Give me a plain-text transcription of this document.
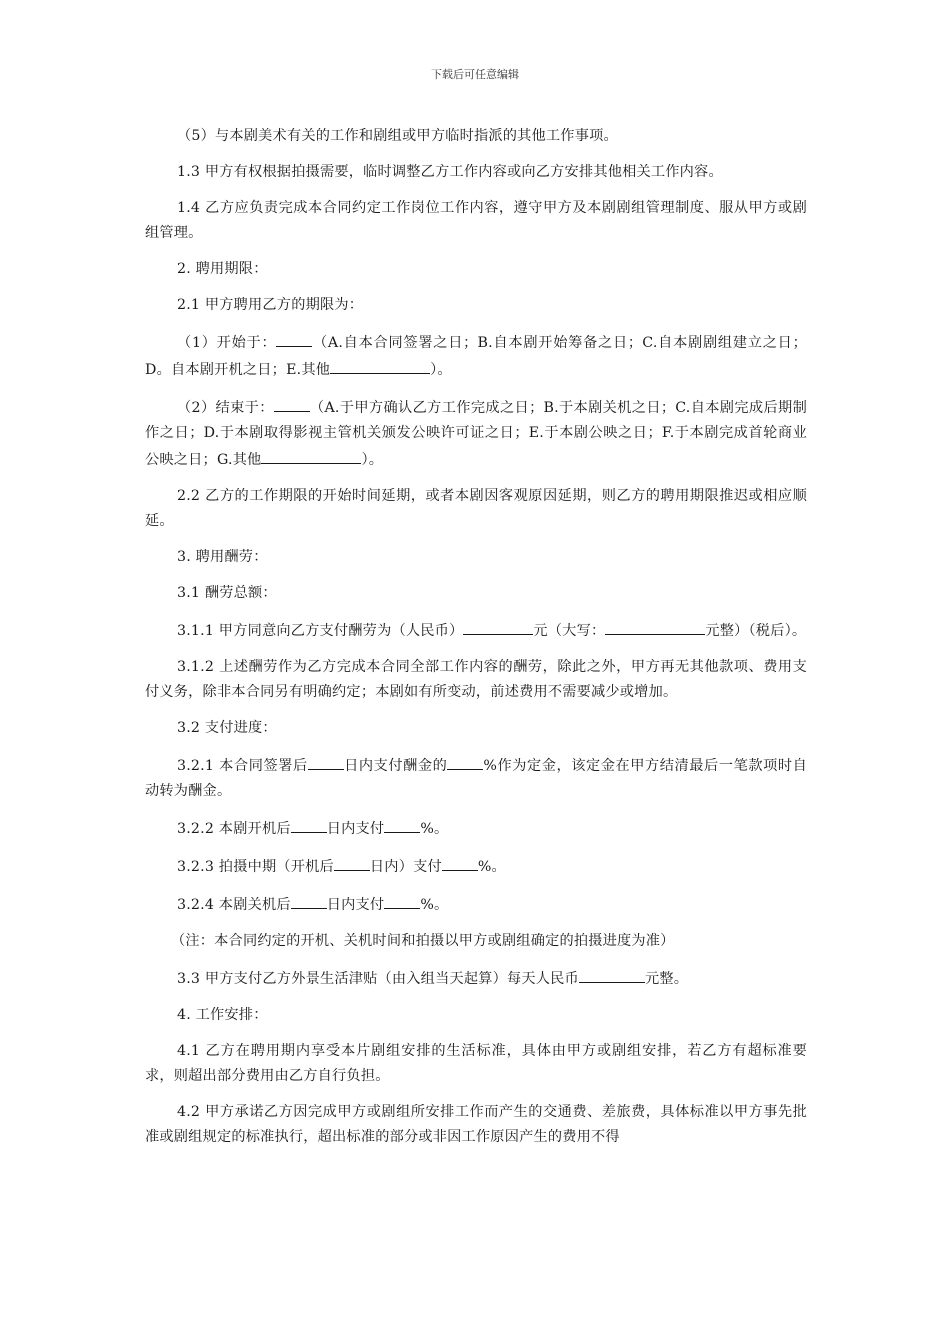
下载后可任意编辑

（5）与本剧美术有关的工作和剧组或甲方临时指派的其他工作事项。

1.3 甲方有权根据拍摄需要，临时调整乙方工作内容或向乙方安排其他相关工作内容。

1.4 乙方应负责完成本合同约定工作岗位工作内容，遵守甲方及本剧剧组管理制度、服从甲方或剧组管理。

2. 聘用期限：

2.1 甲方聘用乙方的期限为：

（1）开始于：	（A.自本合同签署之日；B.自本剧开始筹备之日；C.自本剧剧组建立之日；D。自本剧开机之日；E.其他	）。

（2）结束于：	（A.于甲方确认乙方工作完成之日；B.于本剧关机之日；C.自本剧完成后期制作之日；D.于本剧取得影视主管机关颁发公映许可证之日；E.于本剧公映之日；F.于本剧完成首轮商业公映之日；G.其他	）。

2.2 乙方的工作期限的开始时间延期，或者本剧因客观原因延期，则乙方的聘用期限推迟或相应顺延。

3. 聘用酬劳：

3.1 酬劳总额：

3.1.1 甲方同意向乙方支付酬劳为（人民币）	元（大写：	元整）（税后）。

3.1.2 上述酬劳作为乙方完成本合同全部工作内容的酬劳，除此之外，甲方再无其他款项、费用支付义务，除非本合同另有明确约定；本剧如有所变动，前述费用不需要减少或增加。

3.2 支付进度：

3.2.1 本合同签署后	日内支付酬金的	%作为定金，该定金在甲方结清最后一笔款项时自动转为酬金。

3.2.2 本剧开机后	日内支付	%。

3.2.3 拍摄中期（开机后	日内）支付	%。

3.2.4 本剧关机后	日内支付	%。

（注：本合同约定的开机、关机时间和拍摄以甲方或剧组确定的拍摄进度为准）

3.3 甲方支付乙方外景生活津贴（由入组当天起算）每天人民币	元整。

4. 工作安排：

4.1 乙方在聘用期内享受本片剧组安排的生活标准，具体由甲方或剧组安排，若乙方有超标准要求，则超出部分费用由乙方自行负担。

4.2 甲方承诺乙方因完成甲方或剧组所安排工作而产生的交通费、差旅费，具体标准以甲方事先批准或剧组规定的标准执行，超出标准的部分或非因工作原因产生的费用不得
